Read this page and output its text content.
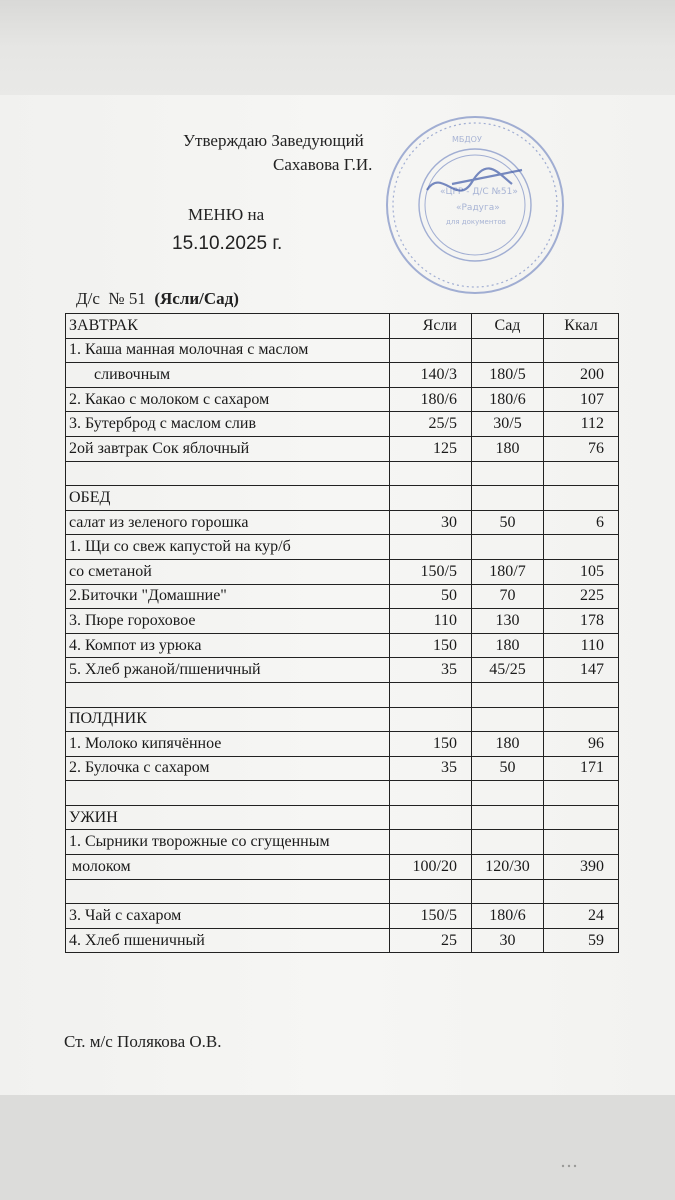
Утверждаю Заведующий
Сахавова Г.И.
МБДОУ
«ЦРР - Д/С №51»
«Радуга»
для документов
МЕНЮ на
15.10.2025 г.
Д/с  № 51  (Ясли/Сад)
ЗАВТРАК	Ясли	Сад	Ккал
1. Каша манная молочная с маслом			
сливочным	140/3	180/5	200
2. Какао с молоком с сахаром	180/6	180/6	107
3. Бутерброд с маслом слив	25/5	30/5	112
2ой завтрак Сок яблочный	125	180	76

ОБЕД			
салат из зеленого горошка	30	50	6
1. Щи со свеж капустой на кур/б			
со сметаной	150/5	180/7	105
2.Биточки "Домашние"	50	70	225
3. Пюре гороховое	110	130	178
4. Компот из урюка	150	180	110
5. Хлеб ржаной/пшеничный	35	45/25	147

ПОЛДНИК			
1. Молоко кипячённое	150	180	96
2. Булочка с сахаром	35	50	171

УЖИН			
1. Сырники творожные со сгущенным			
молоком	100/20	120/30	390

3. Чай с сахаром	150/5	180/6	24
4. Хлеб пшеничный	25	30	59
Ст. м/с Полякова О.В.
